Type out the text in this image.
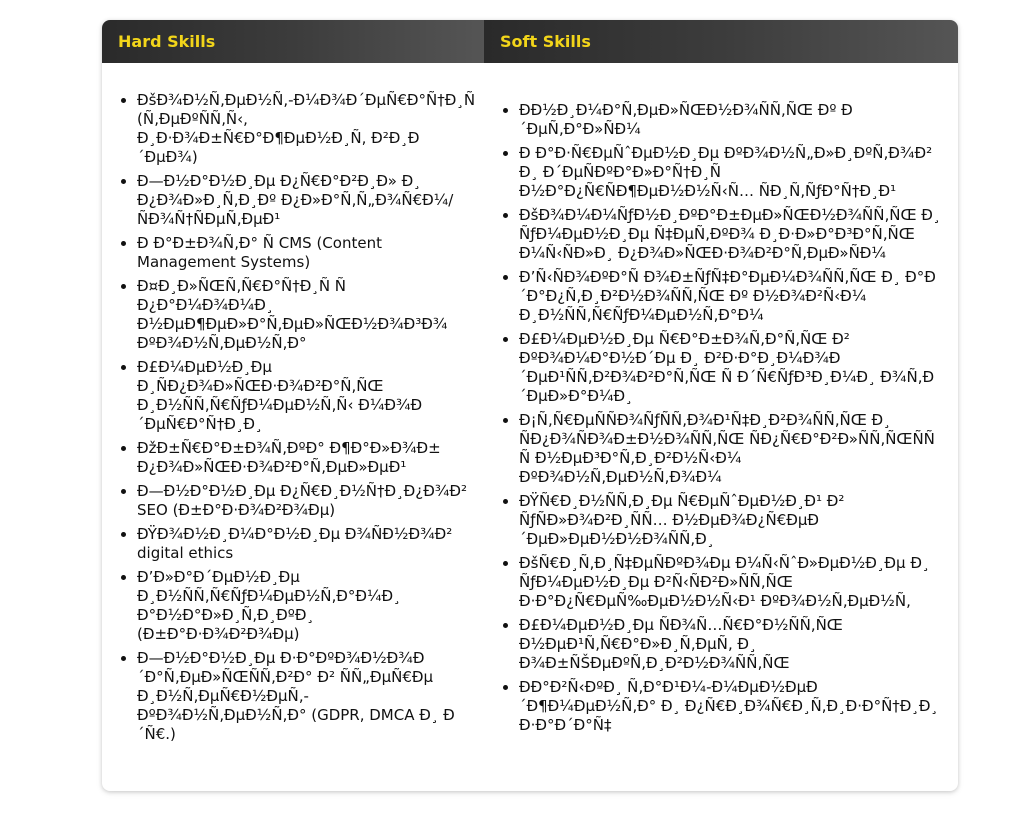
Hard Skills	Soft Skills
• ÐšÐ¾Ð½Ñ‚ÐµÐ½Ñ‚-Ð¼Ð¾Ð´ÐµÑ€Ð°Ñ†Ð¸Ñ (Ñ‚ÐµÐºÑÑ‚Ñ‹, Ð¸Ð·Ð¾Ð±Ñ€Ð°Ð¶ÐµÐ½Ð¸Ñ, Ð²Ð¸Ð´ÐµÐ¾)
• Ð—Ð½Ð°Ð½Ð¸Ðµ Ð¿Ñ€Ð°Ð²Ð¸Ð» Ð¸ Ð¿Ð¾Ð»Ð¸Ñ‚Ð¸Ðº Ð¿Ð»Ð°Ñ‚Ñ„Ð¾Ñ€Ð¼/ÑÐ¾Ñ†ÑÐµÑ‚ÐµÐ¹
• Ð Ð°Ð±Ð¾Ñ‚Ð° Ñ CMS (Content Management Systems)
• Ð¤Ð¸Ð»ÑŒÑ‚Ñ€Ð°Ñ†Ð¸Ñ Ñ Ð¿Ð°Ð¼Ð¾Ð¼Ð¸ Ð½ÐµÐ¶ÐµÐ»Ð°Ñ‚ÐµÐ»ÑŒÐ½Ð¾Ð³Ð¾ ÐºÐ¾Ð½Ñ‚ÐµÐ½Ñ‚Ð°
• Ð£Ð¼ÐµÐ½Ð¸Ðµ Ð¸ÑÐ¿Ð¾Ð»ÑŒÐ·Ð¾Ð²Ð°Ñ‚ÑŒ Ð¸Ð½ÑÑ‚Ñ€ÑƒÐ¼ÐµÐ½Ñ‚Ñ‹ Ð¼Ð¾Ð´ÐµÑ€Ð°Ñ†Ð¸Ð¸
• ÐžÐ±Ñ€Ð°Ð±Ð¾Ñ‚ÐºÐ° Ð¶Ð°Ð»Ð¾Ð± Ð¿Ð¾Ð»ÑŒÐ·Ð¾Ð²Ð°Ñ‚ÐµÐ»ÐµÐ¹
• Ð—Ð½Ð°Ð½Ð¸Ðµ Ð¿Ñ€Ð¸Ð½Ñ†Ð¸Ð¿Ð¾Ð² SEO (Ð±Ð°Ð·Ð¾Ð²Ð¾Ðµ)
• ÐŸÐ¾Ð½Ð¸Ð¼Ð°Ð½Ð¸Ðµ Ð¾ÑÐ½Ð¾Ð² digital ethics
• Ð’Ð»Ð°Ð´ÐµÐ½Ð¸Ðµ Ð¸Ð½ÑÑ‚Ñ€ÑƒÐ¼ÐµÐ½Ñ‚Ð°Ð¼Ð¸ Ð°Ð½Ð°Ð»Ð¸Ñ‚Ð¸ÐºÐ¸ (Ð±Ð°Ð·Ð¾Ð²Ð¾Ðµ)
• Ð—Ð½Ð°Ð½Ð¸Ðµ Ð·Ð°ÐºÐ¾Ð½Ð¾Ð´Ð°Ñ‚ÐµÐ»ÑŒÑÑ‚Ð²Ð° Ð² ÑÑ„ÐµÑ€Ðµ Ð¸Ð½Ñ‚ÐµÑ€Ð½ÐµÑ‚-ÐºÐ¾Ð½Ñ‚ÐµÐ½Ñ‚Ð° (GDPR, DMCA Ð¸ Ð´Ñ€.)
• ÐÐ½Ð¸Ð¼Ð°Ñ‚ÐµÐ»ÑŒÐ½Ð¾ÑÑ‚ÑŒ Ðº Ð´ÐµÑ‚Ð°Ð»ÑÐ¼
• Ð Ð°Ð·Ñ€ÐµÑˆÐµÐ½Ð¸Ðµ ÐºÐ¾Ð½Ñ„Ð»Ð¸ÐºÑ‚Ð¾Ð² Ð¸ Ð´ÐµÑÐºÐ°Ð»Ð°Ñ†Ð¸Ñ Ð½Ð°Ð¿Ñ€ÑÐ¶ÐµÐ½Ð½Ñ‹Ñ… ÑÐ¸Ñ‚ÑƒÐ°Ñ†Ð¸Ð¹
• ÐšÐ¾Ð¼Ð¼ÑƒÐ½Ð¸ÐºÐ°Ð±ÐµÐ»ÑŒÐ½Ð¾ÑÑ‚ÑŒ Ð¸ ÑƒÐ¼ÐµÐ½Ð¸Ðµ Ñ‡ÐµÑ‚ÐºÐ¾ Ð¸Ð·Ð»Ð°Ð³Ð°Ñ‚ÑŒ Ð¼Ñ‹ÑÐ»Ð¸ Ð¿Ð¾Ð»ÑŒÐ·Ð¾Ð²Ð°Ñ‚ÐµÐ»ÑÐ¼
• Ð’Ñ‹ÑÐ¾ÐºÐ°Ñ Ð¾Ð±ÑƒÑ‡Ð°ÐµÐ¼Ð¾ÑÑ‚ÑŒ Ð¸ Ð°Ð´Ð°Ð¿Ñ‚Ð¸Ð²Ð½Ð¾ÑÑ‚ÑŒ Ðº Ð½Ð¾Ð²Ñ‹Ð¼ Ð¸Ð½ÑÑ‚Ñ€ÑƒÐ¼ÐµÐ½Ñ‚Ð°Ð¼
• Ð£Ð¼ÐµÐ½Ð¸Ðµ Ñ€Ð°Ð±Ð¾Ñ‚Ð°Ñ‚ÑŒ Ð² ÐºÐ¾Ð¼Ð°Ð½Ð´Ðµ Ð¸ Ð²Ð·Ð°Ð¸Ð¼Ð¾Ð´ÐµÐ¹ÑÑ‚Ð²Ð¾Ð²Ð°Ñ‚ÑŒ Ñ Ð´Ñ€ÑƒÐ³Ð¸Ð¼Ð¸ Ð¾Ñ‚Ð´ÐµÐ»Ð°Ð¼Ð¸
• Ð¡Ñ‚Ñ€ÐµÑÑÐ¾ÑƒÑÑ‚Ð¾Ð¹Ñ‡Ð¸Ð²Ð¾ÑÑ‚ÑŒ Ð¸ ÑÐ¿Ð¾ÑÐ¾Ð±Ð½Ð¾ÑÑ‚ÑŒ ÑÐ¿Ñ€Ð°Ð²Ð»ÑÑ‚ÑŒÑÑ Ñ Ð½ÐµÐ³Ð°Ñ‚Ð¸Ð²Ð½Ñ‹Ð¼ ÐºÐ¾Ð½Ñ‚ÐµÐ½Ñ‚Ð¾Ð¼
• ÐŸÑ€Ð¸Ð½ÑÑ‚Ð¸Ðµ Ñ€ÐµÑˆÐµÐ½Ð¸Ð¹ Ð² ÑƒÑÐ»Ð¾Ð²Ð¸ÑÑ… Ð½ÐµÐ¾Ð¿Ñ€ÐµÐ´ÐµÐ»ÐµÐ½Ð½Ð¾ÑÑ‚Ð¸
• ÐšÑ€Ð¸Ñ‚Ð¸Ñ‡ÐµÑÐºÐ¾Ðµ Ð¼Ñ‹ÑˆÐ»ÐµÐ½Ð¸Ðµ Ð¸ ÑƒÐ¼ÐµÐ½Ð¸Ðµ Ð²Ñ‹ÑÐ²Ð»ÑÑ‚ÑŒ Ð·Ð°Ð¿Ñ€ÐµÑ‰ÐµÐ½Ð½Ñ‹Ð¹ ÐºÐ¾Ð½Ñ‚ÐµÐ½Ñ‚
• Ð£Ð¼ÐµÐ½Ð¸Ðµ ÑÐ¾Ñ…Ñ€Ð°Ð½ÑÑ‚ÑŒ Ð½ÐµÐ¹Ñ‚Ñ€Ð°Ð»Ð¸Ñ‚ÐµÑ‚ Ð¸ Ð¾Ð±ÑŠÐµÐºÑ‚Ð¸Ð²Ð½Ð¾ÑÑ‚ÑŒ
• ÐÐ°Ð²Ñ‹ÐºÐ¸ Ñ‚Ð°Ð¹Ð¼-Ð¼ÐµÐ½ÐµÐ´Ð¶Ð¼ÐµÐ½Ñ‚Ð° Ð¸ Ð¿Ñ€Ð¸Ð¾Ñ€Ð¸Ñ‚Ð¸Ð·Ð°Ñ†Ð¸Ð¸ Ð·Ð°Ð´Ð°Ñ‡
